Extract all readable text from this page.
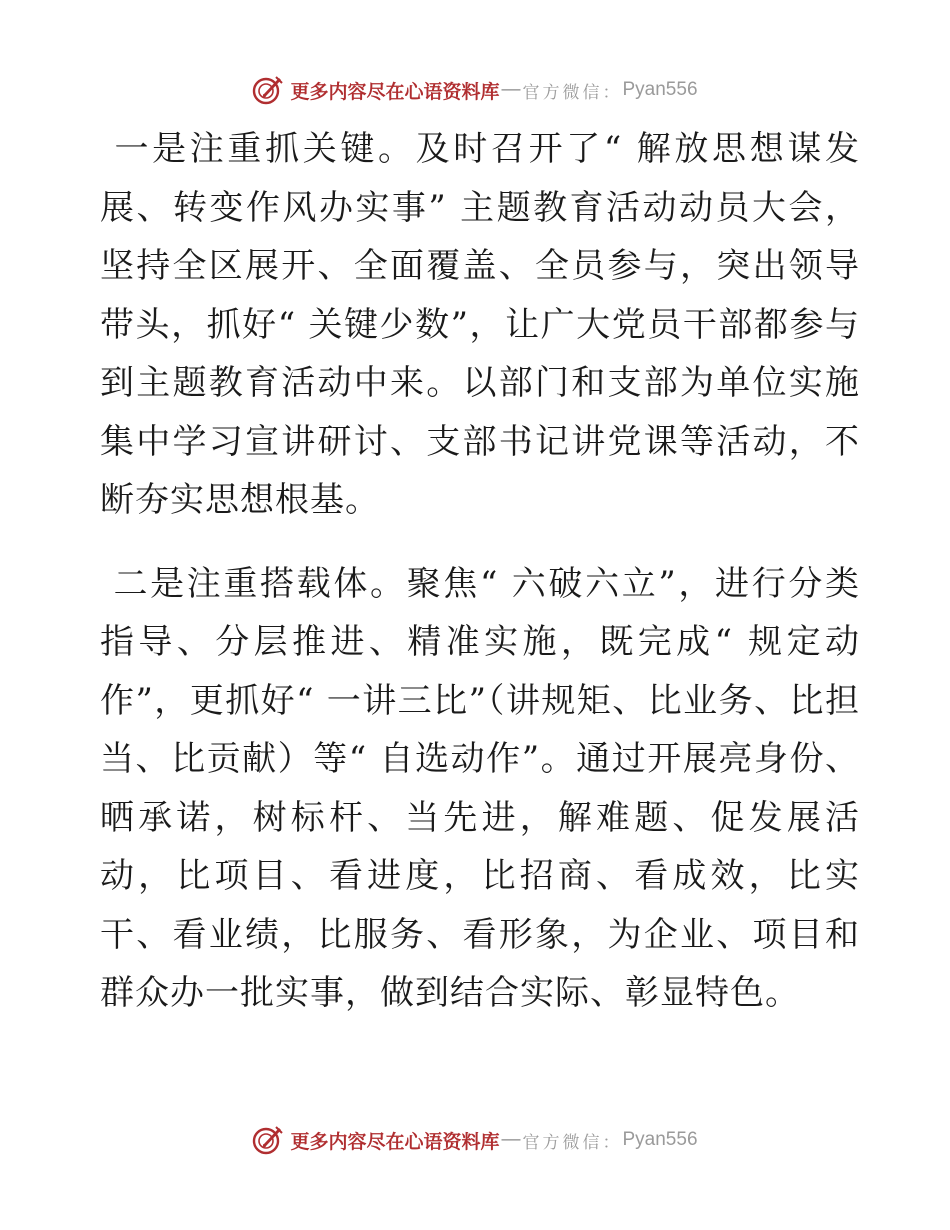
更多内容尽在心语资料库 — 官方微信： Pyan556

一是注重抓关键。及时召开了“ 解放思想谋发展、转变作风办实事” 主题教育活动动员大会，坚持全区展开、全面覆盖、全员参与，突出领导带头，抓好“ 关键少数”，让广大党员干部都参与到主题教育活动中来。以部门和支部为单位实施集中学习宣讲研讨、支部书记讲党课等活动，不断夯实思想根基。

二是注重搭载体。聚焦“ 六破六立”，进行分类指导、分层推进、精准实施，既完成“ 规定动作”，更抓好“ 一讲三比”（讲规矩、比业务、比担当、比贡献）等“ 自选动作”。通过开展亮身份、晒承诺，树标杆、当先进，解难题、促发展活动，比项目、看进度，比招商、看成效，比实干、看业绩，比服务、看形象，为企业、项目和群众办一批实事，做到结合实际、彰显特色。

更多内容尽在心语资料库 — 官方微信： Pyan556
